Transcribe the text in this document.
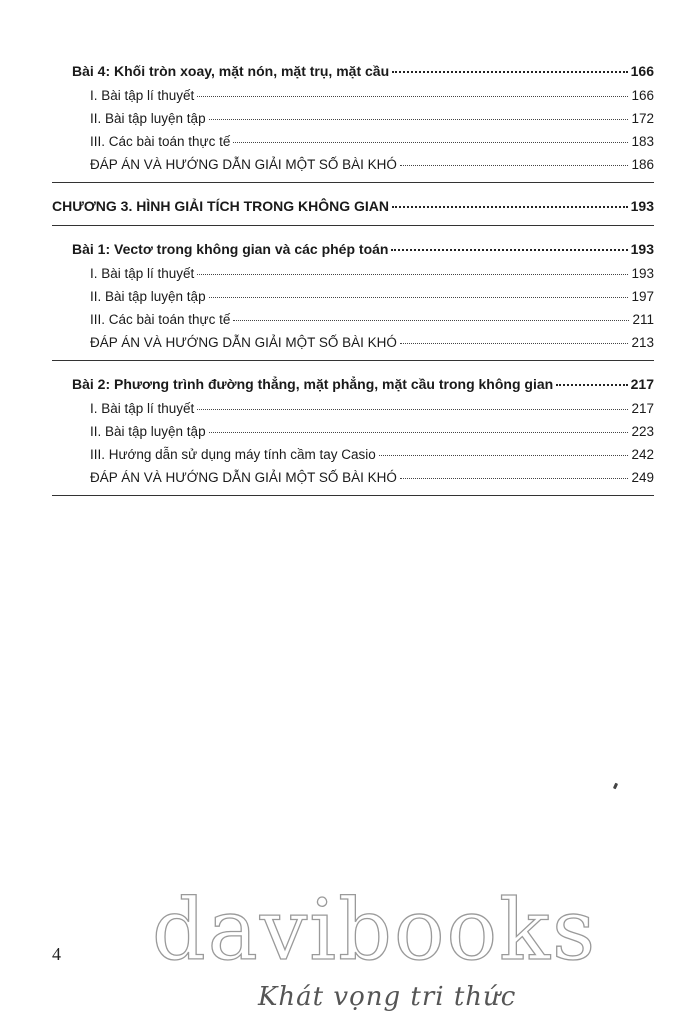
Bài 4: Khối tròn xoay, mặt nón, mặt trụ, mặt cầu	166
I. Bài tập lí thuyết	166
II. Bài tập luyện tập	172
III. Các bài toán thực tế	183
ĐÁP ÁN VÀ HƯỚNG DẪN GIẢI MỘT SỐ BÀI KHÓ	186
CHƯƠNG 3. HÌNH GIẢI TÍCH TRONG KHÔNG GIAN	193
Bài 1: Vectơ trong không gian và các phép toán	193
I. Bài tập lí thuyết	193
II. Bài tập luyện tập	197
III. Các bài toán thực tế	211
ĐÁP ÁN VÀ HƯỚNG DẪN GIẢI MỘT SỐ BÀI KHÓ	213
Bài 2: Phương trình đường thẳng, mặt phẳng, mặt cầu trong không gian	217
I. Bài tập lí thuyết	217
II. Bài tập luyện tập	223
III. Hướng dẫn sử dụng máy tính cầm tay Casio	242
ĐÁP ÁN VÀ HƯỚNG DẪN GIẢI MỘT SỐ BÀI KHÓ	249
4 davibooks
Khát vọng tri thức
